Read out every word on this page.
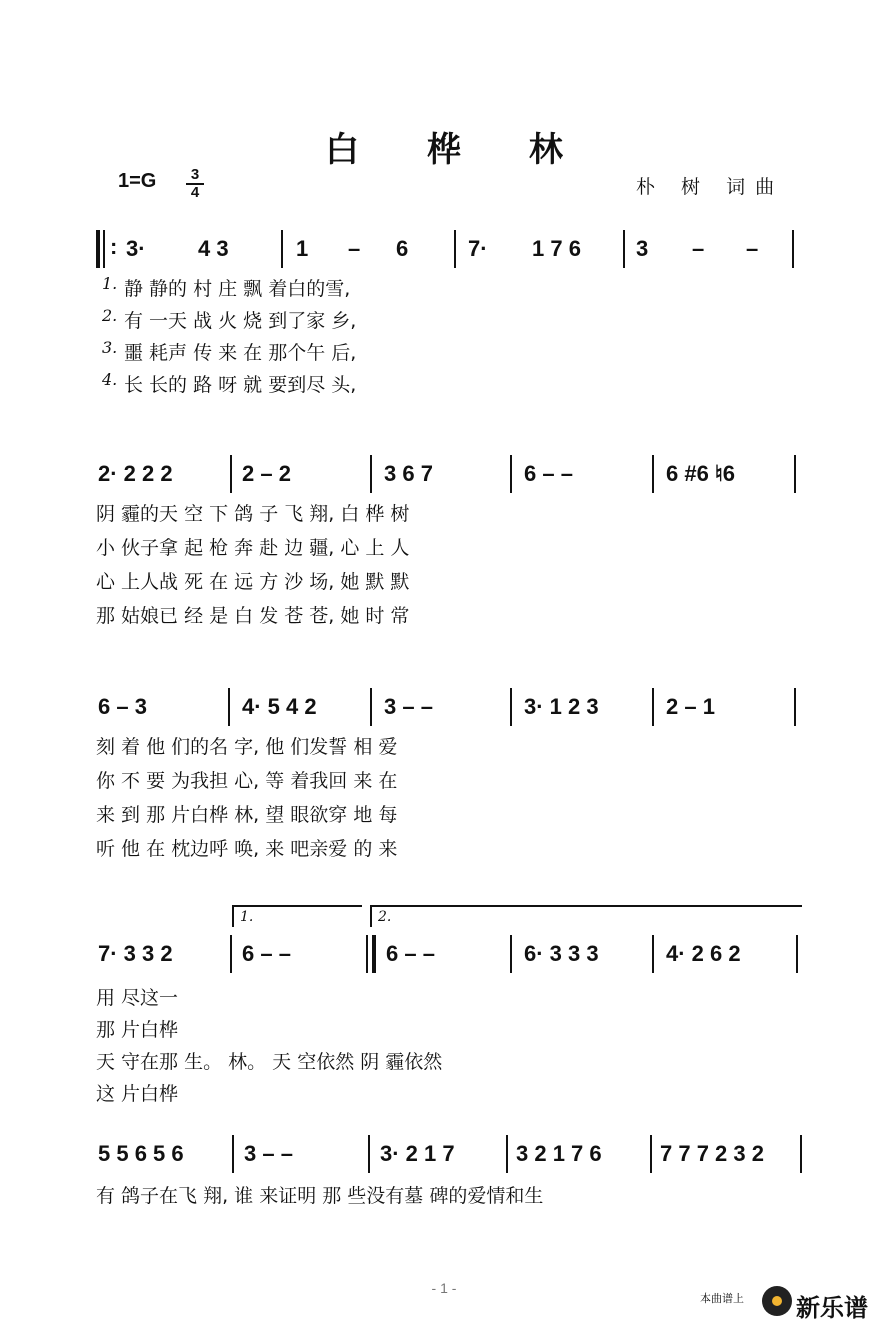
白 桦 林
1=G	3
4	朴 树 词曲
: 3· 4 3	1 – 6	7· 1 7 6	3 – –
1. 静 静的 村 庄 飘 着白的雪,
2. 有 一天 战 火 烧 到了家 乡,
3. 噩 耗声 传 来 在 那个午 后,
4. 长 长的 路 呀 就 要到尽 头,
2· 2 2 2	2 – 2	3 6 7	6 – –	6 #6 ♮6
阴 霾的天 空 下 鸽 子 飞 翔, 白 桦 树
小 伙子拿 起 枪 奔 赴 边 疆, 心 上 人
心 上人战 死 在 远 方 沙 场, 她 默 默
那 姑娘已 经 是 白 发 苍 苍, 她 时 常
6 – 3	4· 5 4 2	3 – –	3· 1 2 3	2 – 1
刻 着 他 们的名 字, 他 们发誓 相 爱
你 不 要 为我担 心, 等 着我回 来 在
来 到 那 片白桦 林, 望 眼欲穿 地 每
听 他 在 枕边呼 唤, 来 吧亲爱 的 来
1.	2.
7· 3 3 2	6 – –	6 – –	6· 3 3 3	4· 2 6 2
用 尽这一
那 片白桦
天 守在那 生。 林。 天 空依然 阴 霾依然
这 片白桦
5 5 6 5 6	3 – –	3· 2 1 7	3 2 1 7 6	7 7 7 2 3 2
有 鸽子在飞 翔, 谁 来证明 那 些没有墓 碑的爱情和生
- 1 -
本曲谱上 新乐谱
